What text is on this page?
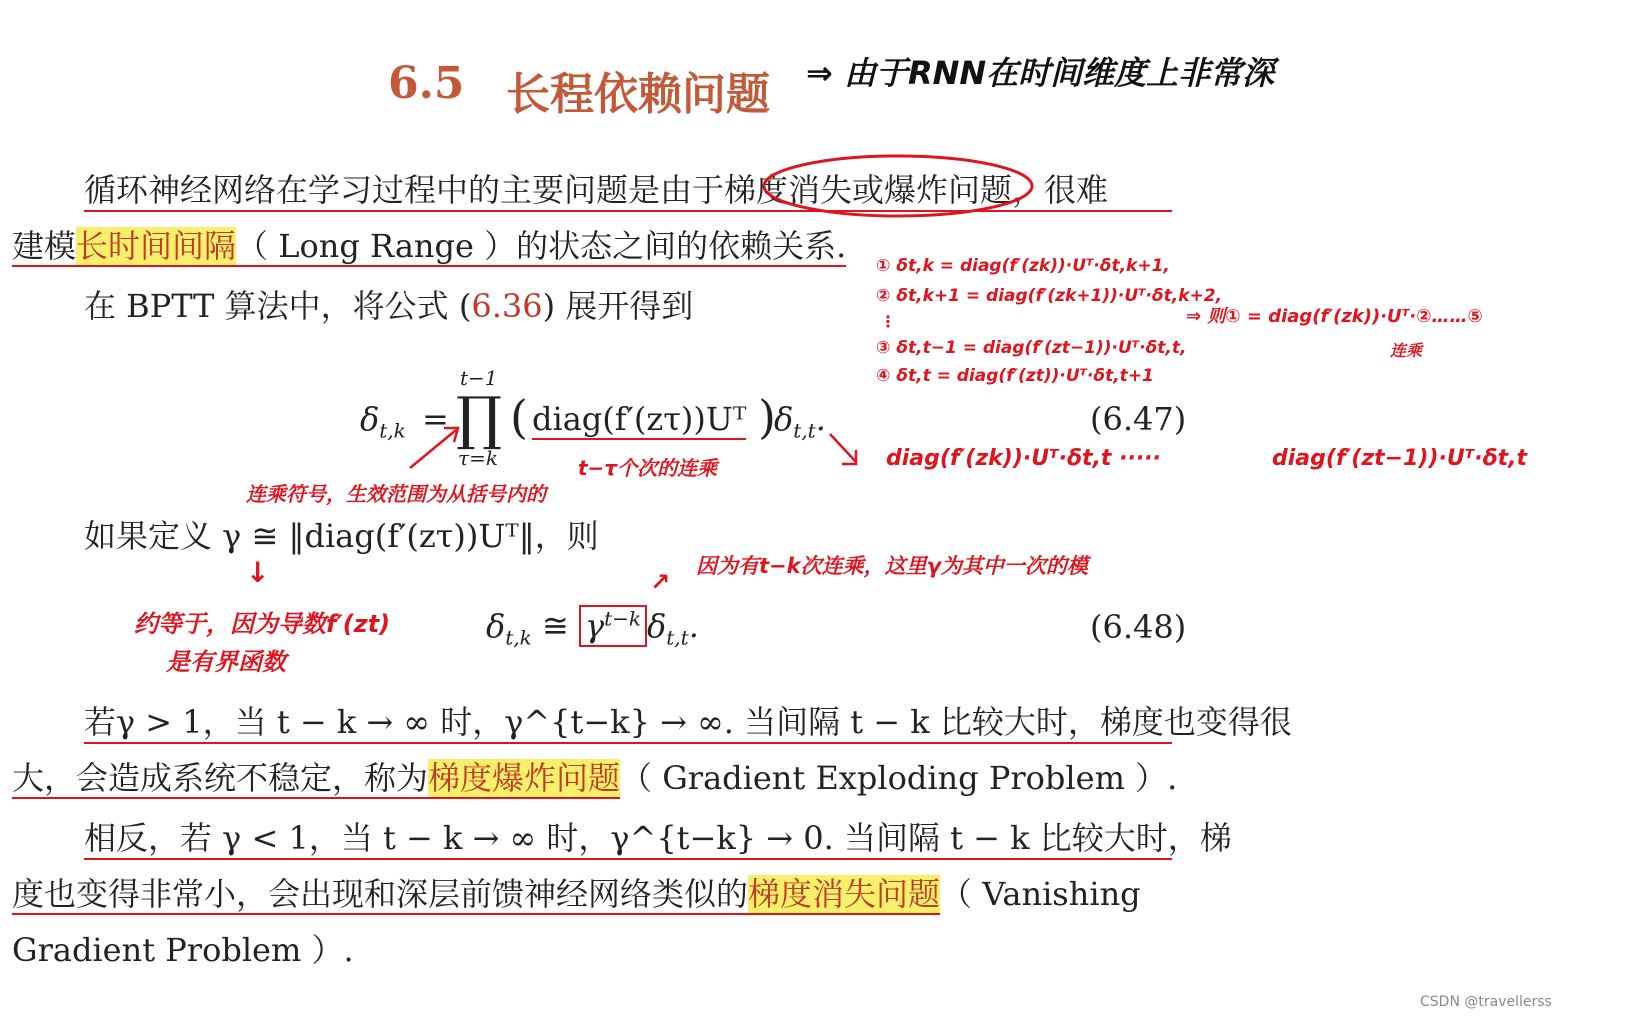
6.5 长程依赖问题 ⇒ 由于RNN在时间维度上非常深
循环神经网络在学习过程中的主要问题是由于梯度消失或爆炸问题，很难
建模长时间间隔（ Long Range ）的状态之间的依赖关系.
在 BPTT 算法中，将公式 (6.36) 展开得到
① δt,k = diag(f′(zk))·Uᵀ·δt,k+1,
② δt,k+1 = diag(f′(zk+1))·Uᵀ·δt,k+2,
⋮
③ δt,t−1 = diag(f′(zt−1))·Uᵀ·δt,t,
④ δt,t = diag(f′(zt))·Uᵀ·δt,t+1
⇒ 则① = diag(f′(zk))·Uᵀ·②……⑤
连乘
$\delta_{t,k}$ =
t−1
∏
τ=k
( diag(f′(zτ))Uᵀ )
$\delta_{t,t}$.	(6.47)
t−τ个次的连乘	diag(f′(zk))·Uᵀ·δt,t ·····	diag(f′(zt−1))·Uᵀ·δt,t
连乘符号，生效范围为从括号内的
如果定义 γ ≅ ‖diag(f′(zτ))Uᵀ‖，则
↓	↗
因为有t−k次连乘，这里γ为其中一次的模
约等于，因为导数f′(zt)
是有界函数
$\delta_{t,k}$ ≅ $\gamma^{t-k}$ $\delta_{t,t}$.	(6.48)
若γ > 1，当 t − k → ∞ 时，γ^{t−k} → ∞. 当间隔 t − k 比较大时，梯度也变得很
大，会造成系统不稳定，称为梯度爆炸问题（ Gradient Exploding Problem ）.
相反，若 γ < 1，当 t − k → ∞ 时，γ^{t−k} → 0. 当间隔 t − k 比较大时，梯
度也变得非常小，会出现和深层前馈神经网络类似的梯度消失问题（ Vanishing
Gradient Problem ）.
CSDN @travellerss
